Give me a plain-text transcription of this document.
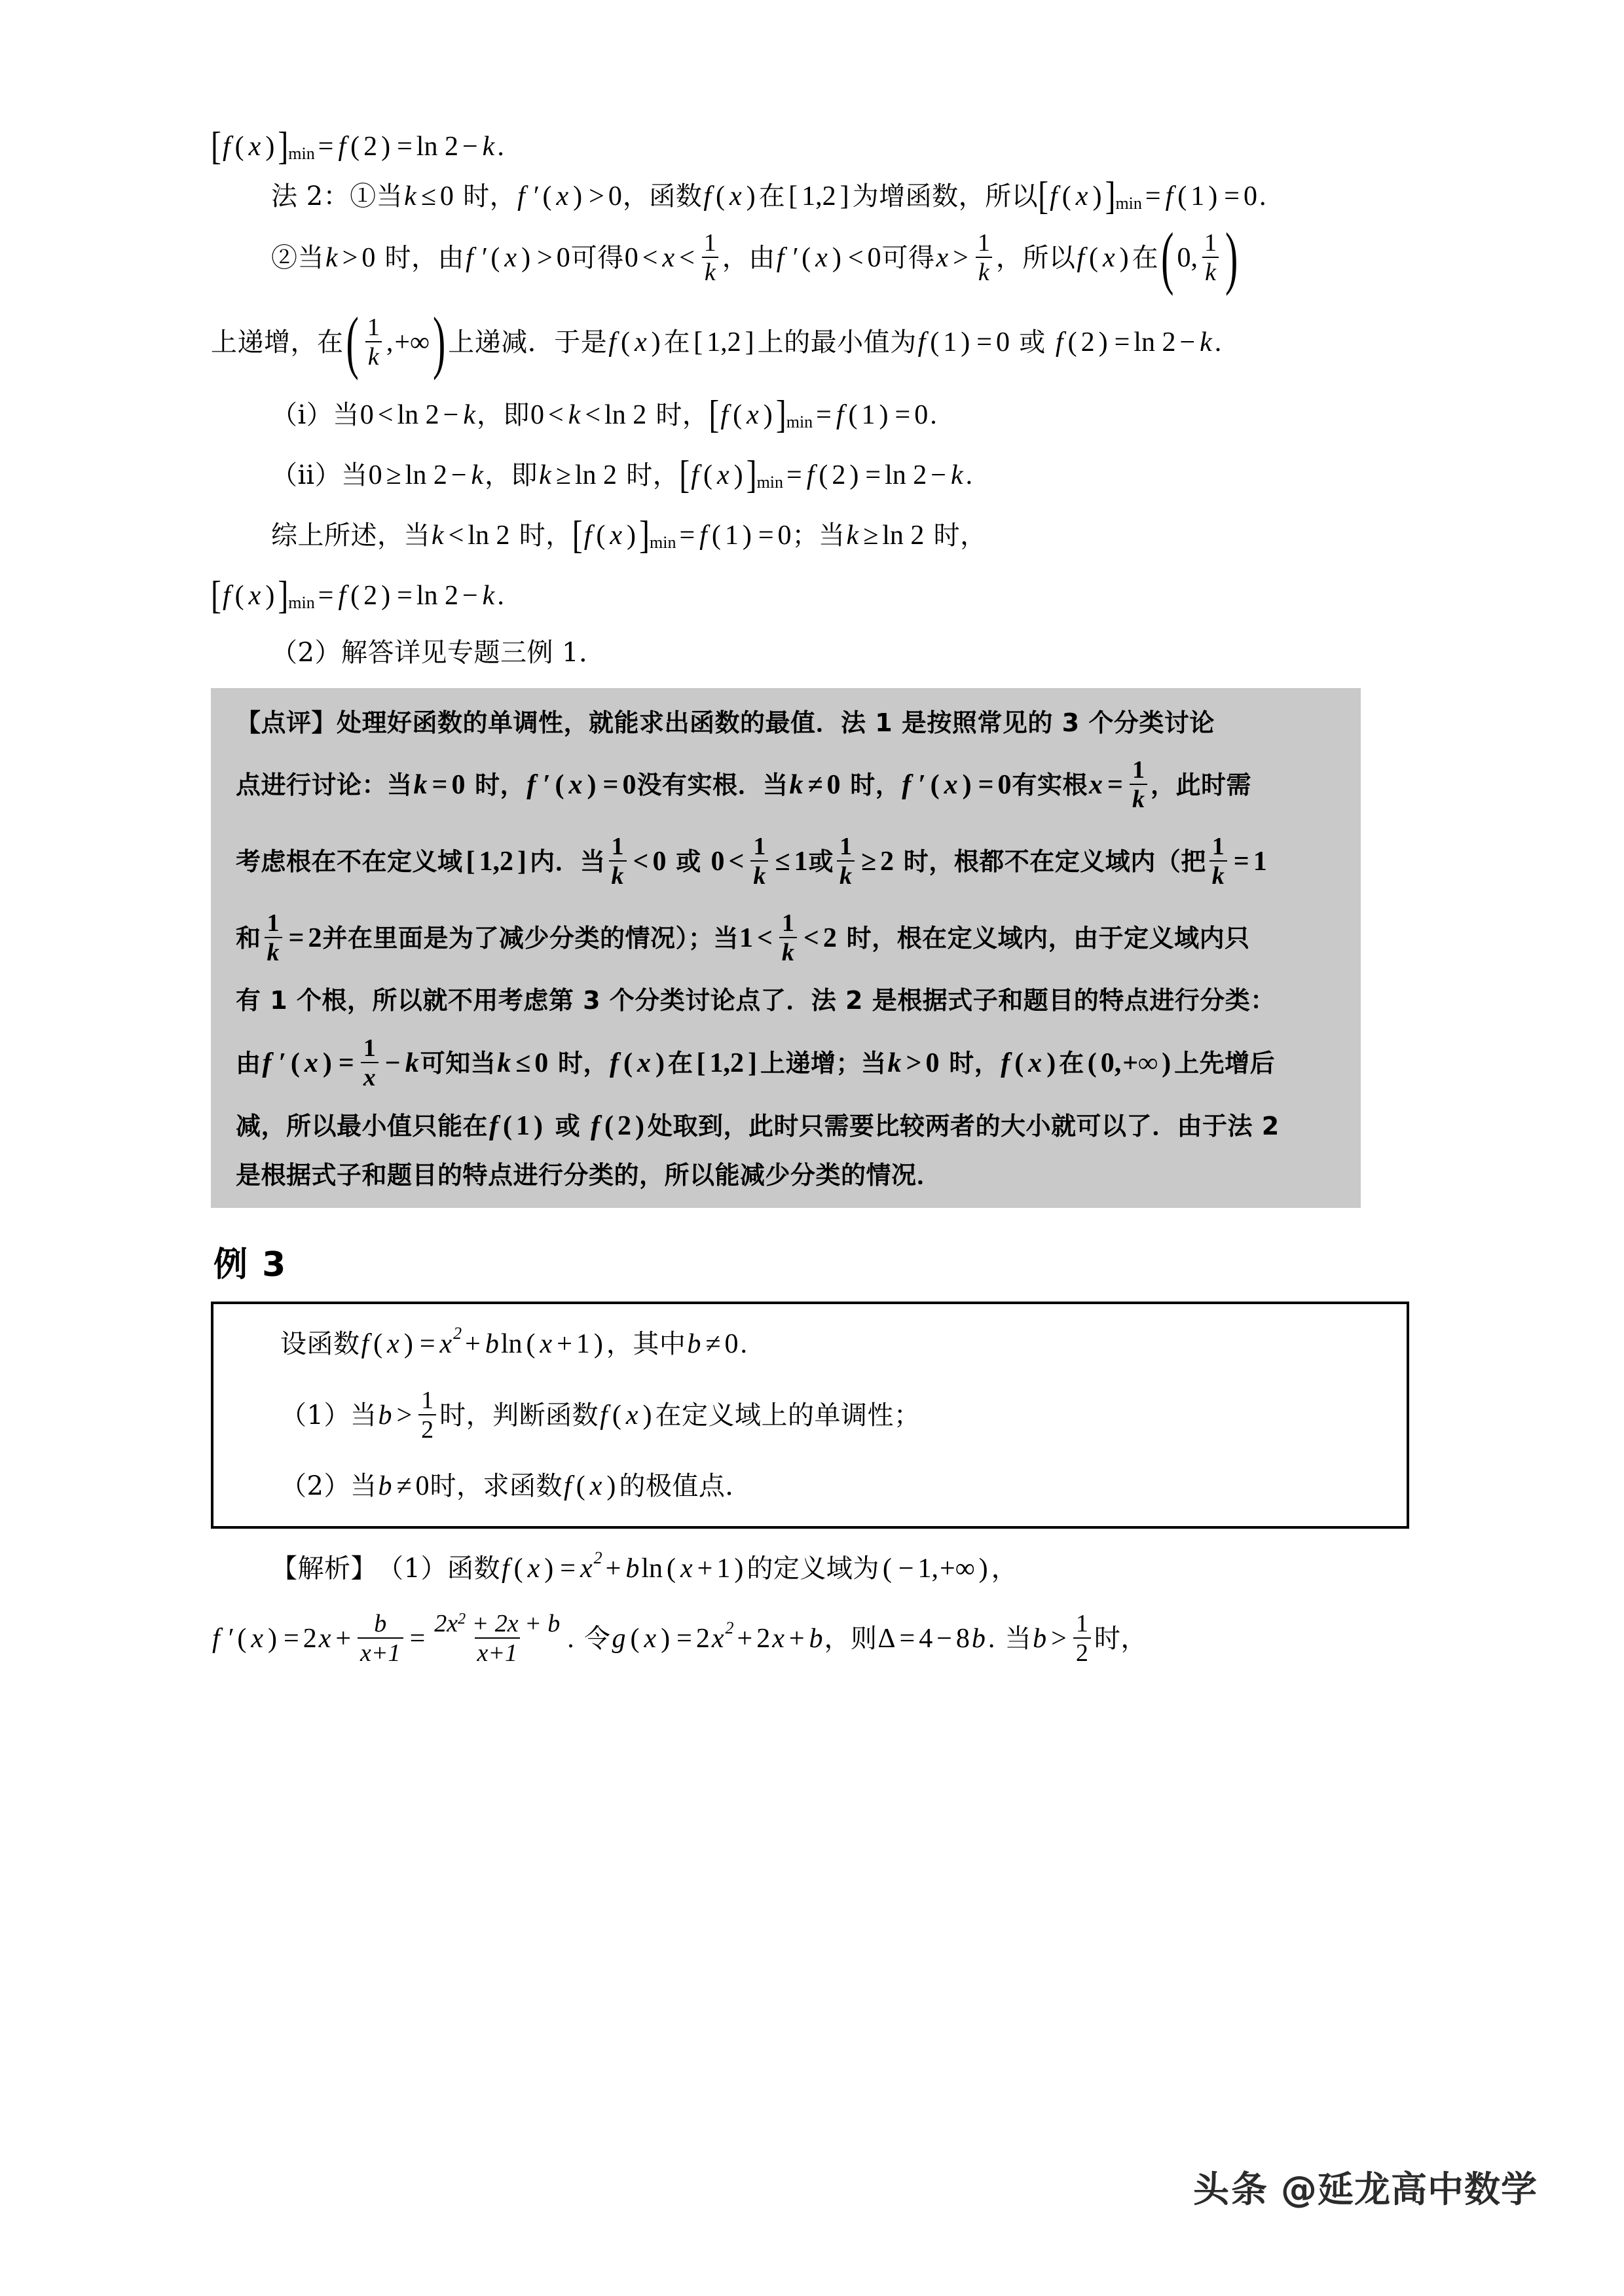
[ f ( x ) ] min = f ( 2 ) = ln 2 − k .
法 2：①当 k ≤ 0 时， f ′ ( x ) > 0 ，函数 f ( x ) 在 [ 1,2 ] 为增函数，所以 [ f ( x ) ] min = f ( 1 ) = 0 .
②当 k > 0 时，由 f ′ ( x ) > 0 可得 $0 < x < \frac{1}{k}$ ，由 f ′ ( x ) < 0 可得 $x > \frac{1}{k}$ ，所以 f ( x ) 在 ( 0, $\frac{1}{k}$ )
上递增，在 ( $\frac{1}{k}$ , +∞ ) 上递减．于是 f ( x ) 在 [ 1,2 ] 上的最小值为 f ( 1 ) = 0 或 f ( 2 ) = ln 2 − k .
（ⅰ）当 0 < ln 2 − k ，即 0 < k < ln 2 时， [ f ( x ) ] min = f ( 1 ) = 0 .
（ⅱ）当 0 ≥ ln 2 − k ，即 k ≥ ln 2 时， [ f ( x ) ] min = f ( 2 ) = ln 2 − k .
综上所述，当 k < ln 2 时， [ f ( x ) ] min = f ( 1 ) = 0 ；当 k ≥ ln 2 时，
[ f ( x ) ] min = f ( 2 ) = ln 2 − k .
（2）解答详见专题三例 1．
【点评】 处理好函数的单调性，就能求出函数的最值．法 1 是按照常见的 3 个分类讨论
点进行讨论：当 k = 0 时， f ′ ( x ) = 0 没有实根．当 k ≠ 0 时， f ′ ( x ) = 0 有实根 $x = \frac{1}{k}$ ，此时需
考虑根在不在定义域 [ 1,2 ] 内．当 $\frac{1}{k} < 0$ 或 $0 < \frac{1}{k} \le 1$ 或 $\frac{1}{k} \ge 2$ 时，根都不在定义域内（把 $\frac{1}{k} = 1$
和 $\frac{1}{k} = 2$ 并在里面是为了减少分类的情况）；当 $1 < \frac{1}{k} < 2$ 时，根在定义域内，由于定义域内只
有 1 个根，所以就不用考虑第 3 个分类讨论点了．法 2 是根据式子和题目的特点进行分类：
由 f ′ ( x ) = $\frac{1}{x} - k$ 可知当 k ≤ 0 时， f ( x ) 在 [ 1,2 ] 上递增；当 k > 0 时， f ( x ) 在 ( 0, +∞ ) 上先增后
减，所以最小值只能在 f ( 1 ) 或 f ( 2 ) 处取到，此时只需要比较两者的大小就可以了．由于法 2
是根据式子和题目的特点进行分类的，所以能减少分类的情况．
例 3
设函数 f ( x ) = x 2 + b ln ( x + 1 ) ，其中 b ≠ 0 .
（1）当 $b > \frac{1}{2}$ 时，判断函数 f ( x ) 在定义域上的单调性；
（2）当 b ≠ 0 时，求函数 f ( x ) 的极值点．
【解析】 （1）函数 f ( x ) = x 2 + b ln ( x + 1 ) 的定义域为 ( − 1, +∞ ) ，
f ′ ( x ) = 2 $x + \frac{b}{x+1} = \frac{2x^2 + 2x + b}{x+1}$ . 令 g ( x ) = 2 x 2 + 2 x + b ，则 Δ = 4 − 8 b . 当 $b > \frac{1}{2}$ 时，
头条 @延龙高中数学
